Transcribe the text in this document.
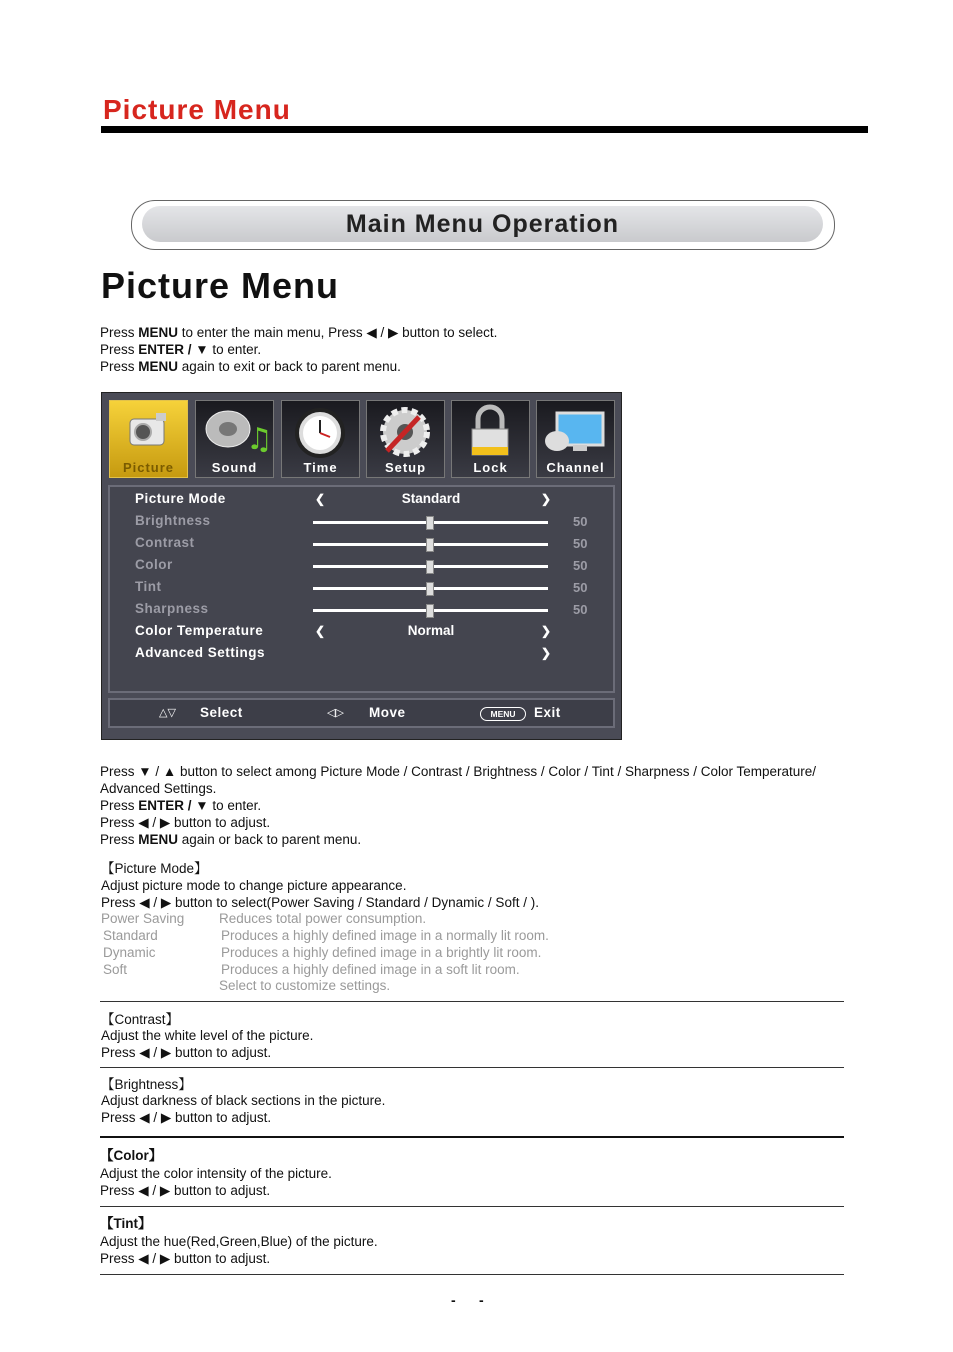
Picture Menu
Main Menu Operation
Picture Menu
Press MENU to enter the main menu, Press ◀ / ▶ button to select.
Press ENTER / ▼ to enter.
Press MENU again to exit or back to parent menu.
Picture
♫
Sound	Time	Setup	Lock	Channel
Picture Mode	❮	Standard	❯
Brightness	50
Contrast	50
Color	50
Tint	50
Sharpness	50
Color Temperature	❮	Normal	❯
Advanced Settings	❯
△▽ Select	◁▷ Move	MENU	Exit
Press ▼ / ▲ button to select among Picture Mode / Contrast / Brightness / Color / Tint / Sharpness / Color Temperature/
Advanced Settings.
Press ENTER / ▼ to enter.
Press ◀ / ▶ button to adjust.
Press MENU again or back to parent menu.
【Picture Mode】
Adjust picture mode to change picture appearance.
Press ◀ / ▶ button to select(Power Saving / Standard / Dynamic / Soft / ).
Power Saving	Reduces total power consumption.
Standard	Produces a highly defined image in a normally lit room.
Dynamic	Produces a highly defined image in a brightly lit room.
Soft	Produces a highly defined image in a soft lit room.
Select to customize settings.
【Contrast】
Adjust the white level of the picture.
Press ◀ / ▶ button to adjust.
【Brightness】
Adjust darkness of black sections in the picture.
Press ◀ / ▶ button to adjust.
【Color】
Adjust the color intensity of the picture.
Press ◀ / ▶ button to adjust.
【Tint】
Adjust the hue(Red,Green,Blue) of the picture.
Press ◀ / ▶ button to adjust.
-      -
